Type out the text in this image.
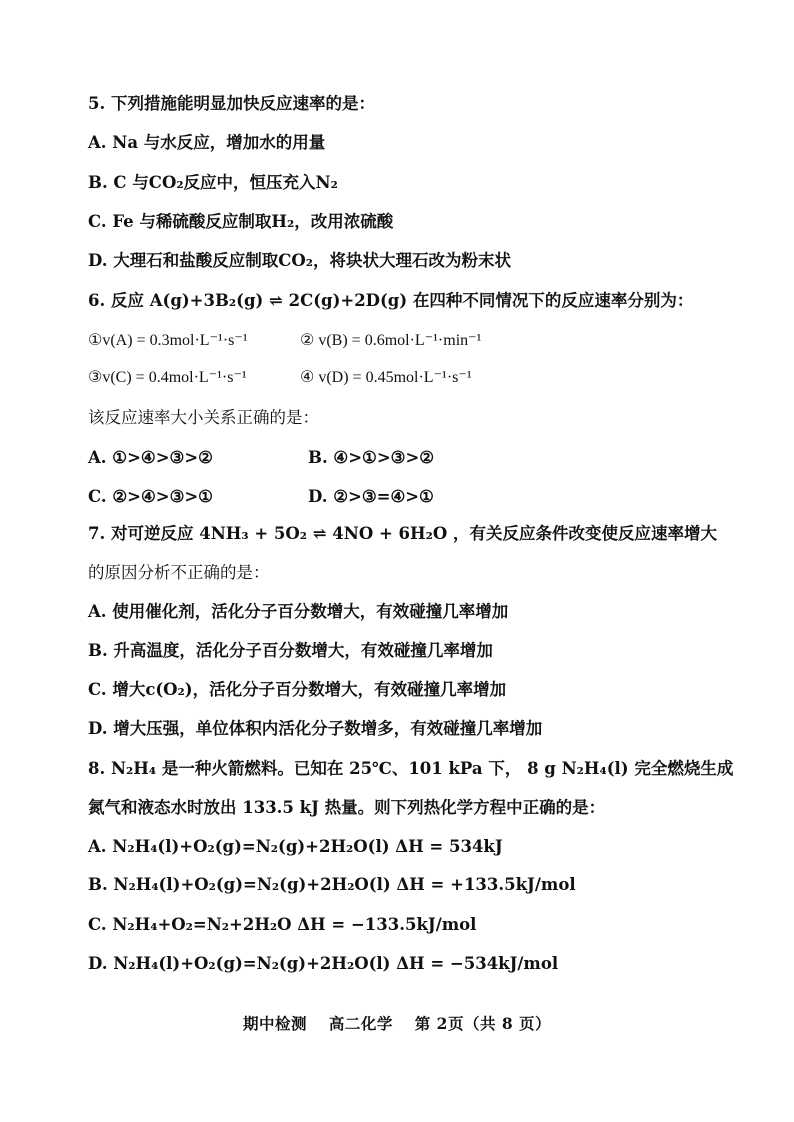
5. 下列措施能明显加快反应速率的是：
A. Na 与水反应，增加水的用量
B. C 与CO₂反应中，恒压充入N₂
C. Fe 与稀硫酸反应制取H₂，改用浓硫酸
D. 大理石和盐酸反应制取CO₂，将块状大理石改为粉末状
6. 反应 A(g)+3B₂(g) ⇌ 2C(g)+2D(g) 在四种不同情况下的反应速率分别为：
①v(A) = 0.3mol·L⁻¹·s⁻¹	② v(B) = 0.6mol·L⁻¹·min⁻¹
③v(C) = 0.4mol·L⁻¹·s⁻¹	④ v(D) = 0.45mol·L⁻¹·s⁻¹
该反应速率大小关系正确的是：
A. ①>④>③>②	B. ④>①>③>②
C. ②>④>③>①	D. ②>③=④>①
7. 对可逆反应 4NH₃ + 5O₂ ⇌ 4NO + 6H₂O ，有关反应条件改变使反应速率增大
的原因分析不正确的是：
A. 使用催化剂，活化分子百分数增大，有效碰撞几率增加
B. 升高温度，活化分子百分数增大，有效碰撞几率增加
C. 增大c(O₂)，活化分子百分数增大，有效碰撞几率增加
D. 增大压强，单位体积内活化分子数增多，有效碰撞几率增加
8. N₂H₄ 是一种火箭燃料。已知在 25℃、101 kPa 下， 8 g N₂H₄(l) 完全燃烧生成
氮气和液态水时放出 133.5 kJ 热量。则下列热化学方程中正确的是：
A. N₂H₄(l)+O₂(g)=N₂(g)+2H₂O(l) ΔH = 534kJ
B. N₂H₄(l)+O₂(g)=N₂(g)+2H₂O(l) ΔH = +133.5kJ/mol
C. N₂H₄+O₂=N₂+2H₂O ΔH = −133.5kJ/mol
D. N₂H₄(l)+O₂(g)=N₂(g)+2H₂O(l) ΔH = −534kJ/mol
期中检测 高二化学 第 2页（共 8 页）
